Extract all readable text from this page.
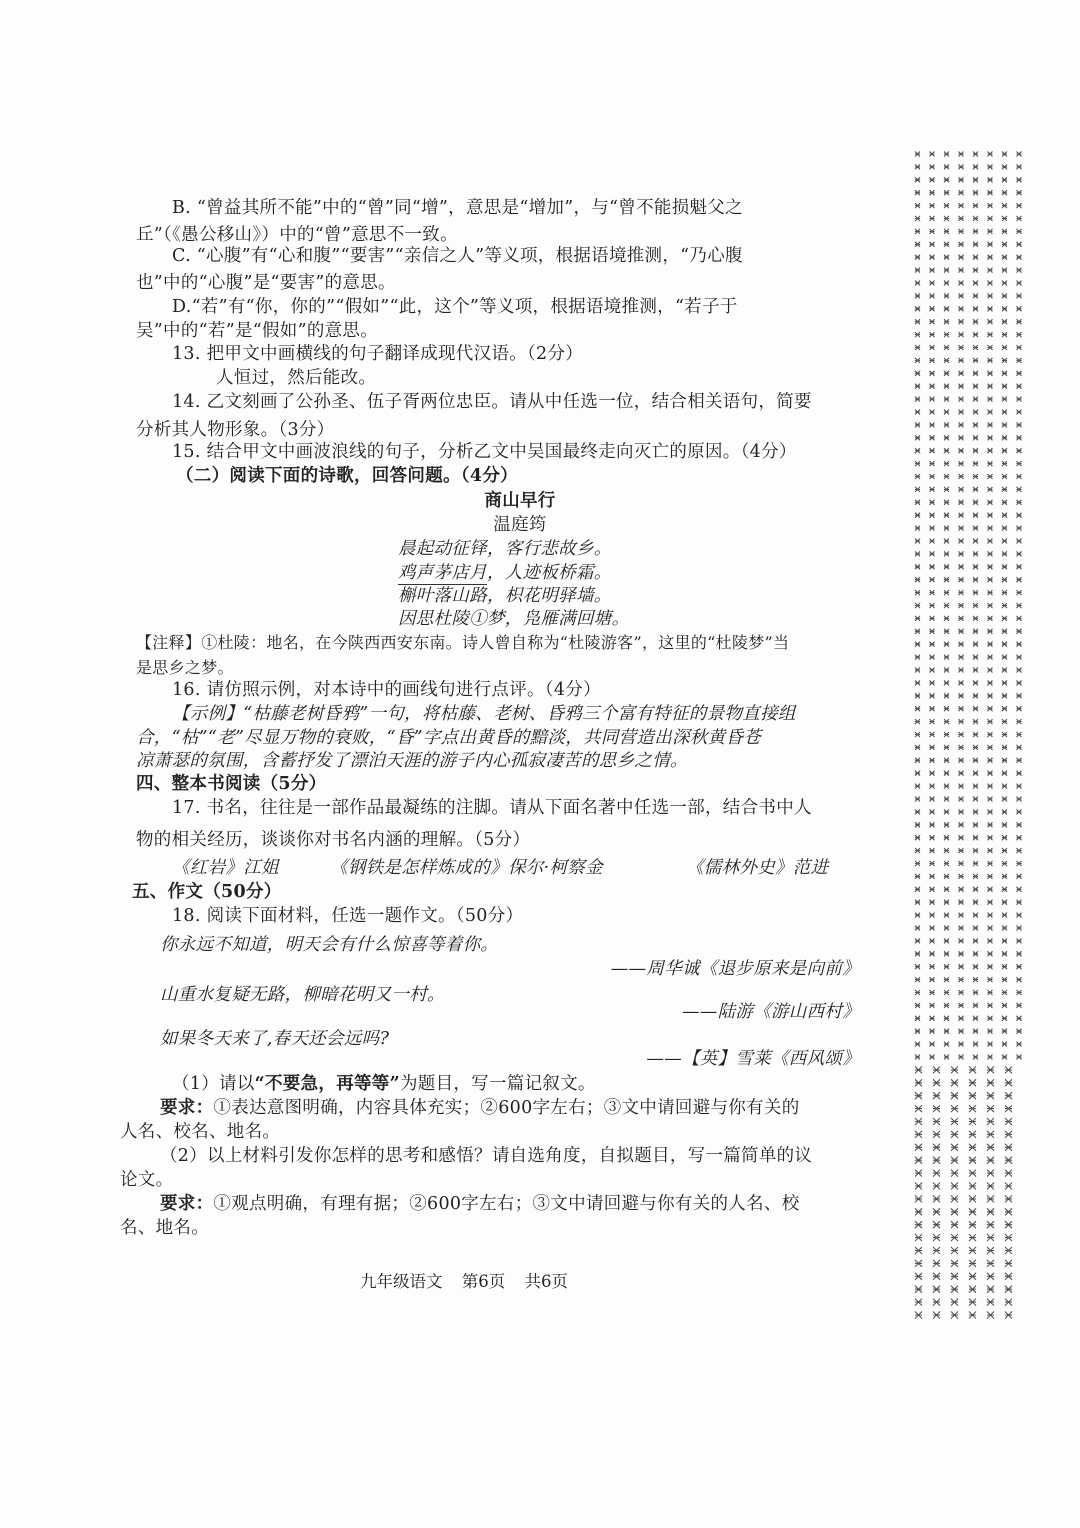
B. “曾益其所不能”中的“曾”同“增”，意思是“增加”，与“曾不能损魁父之
丘”（《愚公移山》）中的“曾”意思不一致。
C. “心腹”有“心和腹”“要害”“亲信之人”等义项，根据语境推测，“乃心腹
也”中的“心腹”是“要害”的意思。
D.“若”有“你，你的”“假如”“此，这个”等义项，根据语境推测，“若子于
吴”中的“若”是“假如”的意思。
13. 把甲文中画横线的句子翻译成现代汉语。（2分）
人恒过，然后能改。
14. 乙文刻画了公孙圣、伍子胥两位忠臣。请从中任选一位，结合相关语句，简要
分析其人物形象。（3分）
15. 结合甲文中画波浪线的句子，分析乙文中吴国最终走向灭亡的原因。（4分）
（二）阅读下面的诗歌，回答问题。（4分）
商山早行
温庭筠
晨起动征铎，客行悲故乡。
鸡声茅店月，人迹板桥霜。
槲叶落山路，枳花明驿墙。
因思杜陵①梦，凫雁满回塘。
【注释】①杜陵：地名，在今陕西西安东南。诗人曾自称为“杜陵游客”，这里的“杜陵梦”当
是思乡之梦。
16. 请仿照示例，对本诗中的画线句进行点评。（4分）
【示例】“枯藤老树昏鸦”一句，将枯藤、老树、昏鸦三个富有特征的景物直接组
合，“枯”“老”尽显万物的衰败，“昏”字点出黄昏的黯淡，共同营造出深秋黄昏苍
凉萧瑟的氛围，含蓄抒发了漂泊天涯的游子内心孤寂凄苦的思乡之情。
四、整本书阅读（5分）
17. 书名，往往是一部作品最凝练的注脚。请从下面名著中任选一部，结合书中人
物的相关经历，谈谈你对书名内涵的理解。（5分）
《红岩》江姐	《钢铁是怎样炼成的》保尔·柯察金	《儒林外史》范进
五、作文（50分）
18. 阅读下面材料，任选一题作文。（50分）
你永远不知道，明天会有什么惊喜等着你。
——周华诚《退步原来是向前》
山重水复疑无路，柳暗花明又一村。
——陆游《游山西村》
如果冬天来了,春天还会远吗?
——【英】雪莱《西风颂》
（1）请以“不要急，再等等”为题目，写一篇记叙文。
要求：①表达意图明确，内容具体充实；②600字左右；③文中请回避与你有关的
人名、校名、地名。
（2）以上材料引发你怎样的思考和感悟？请自选角度，自拟题目，写一篇简单的议
论文。
要求：①观点明确，有理有据；②600字左右；③文中请回避与你有关的人名、校
名、地名。
九年级语文 第6页 共6页
